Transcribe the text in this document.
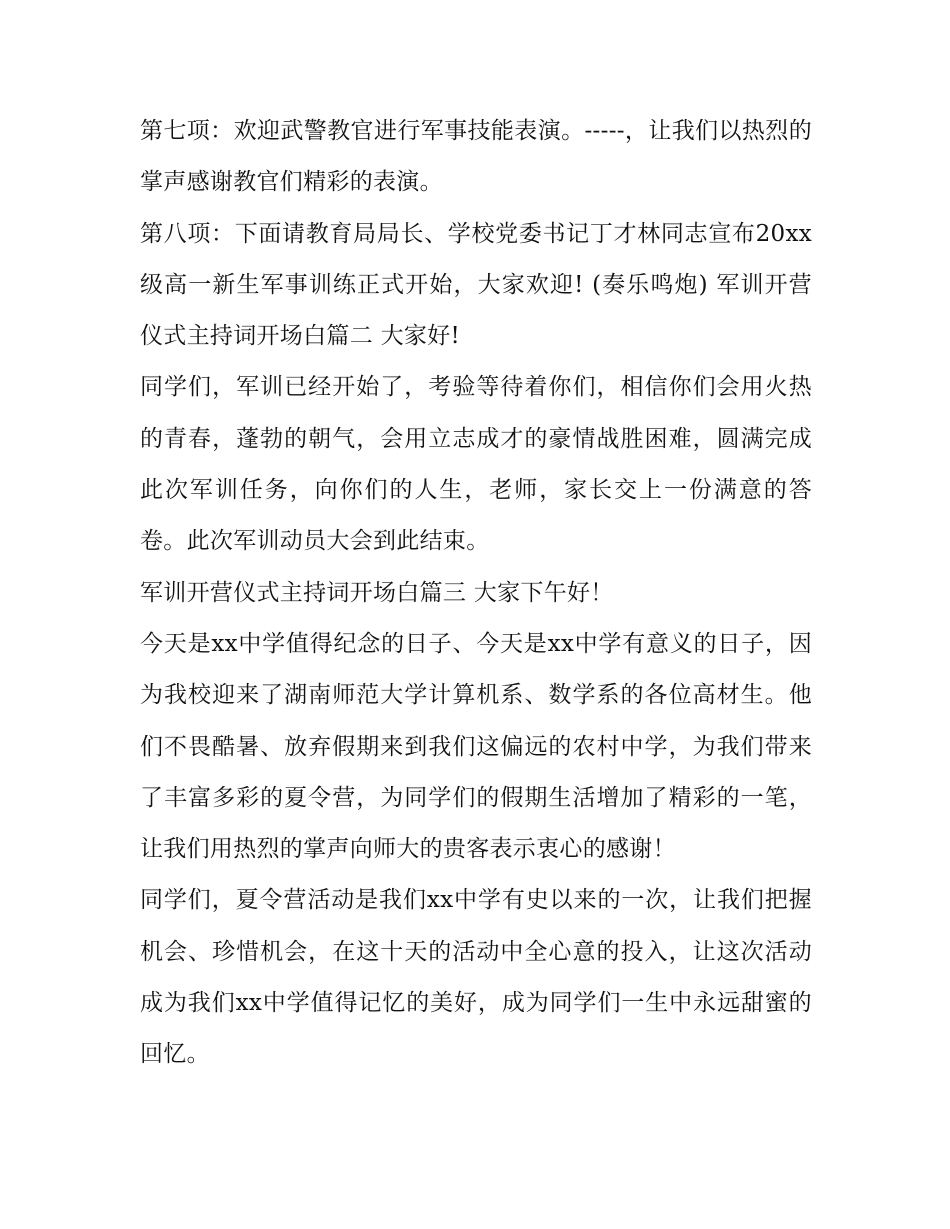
第七项：欢迎武警教官进行军事技能表演。-----，让我们以热烈的掌声感谢教官们精彩的表演。

第八项：下面请教育局局长、学校党委书记丁才林同志宣布20xx级高一新生军事训练正式开始，大家欢迎! (奏乐鸣炮) 军训开营仪式主持词开场白篇二 大家好!

同学们，军训已经开始了，考验等待着你们，相信你们会用火热的青春，蓬勃的朝气，会用立志成才的豪情战胜困难，圆满完成此次军训任务，向你们的人生，老师，家长交上一份满意的答卷。此次军训动员大会到此结束。

军训开营仪式主持词开场白篇三 大家下午好！

今天是xx中学值得纪念的日子、今天是xx中学有意义的日子，因为我校迎来了湖南师范大学计算机系、数学系的各位高材生。他们不畏酷暑、放弃假期来到我们这偏远的农村中学，为我们带来了丰富多彩的夏令营，为同学们的假期生活增加了精彩的一笔，让我们用热烈的掌声向师大的贵客表示衷心的感谢！

同学们，夏令营活动是我们xx中学有史以来的一次，让我们把握机会、珍惜机会，在这十天的活动中全心意的投入，让这次活动成为我们xx中学值得记忆的美好，成为同学们一生中永远甜蜜的回忆。
